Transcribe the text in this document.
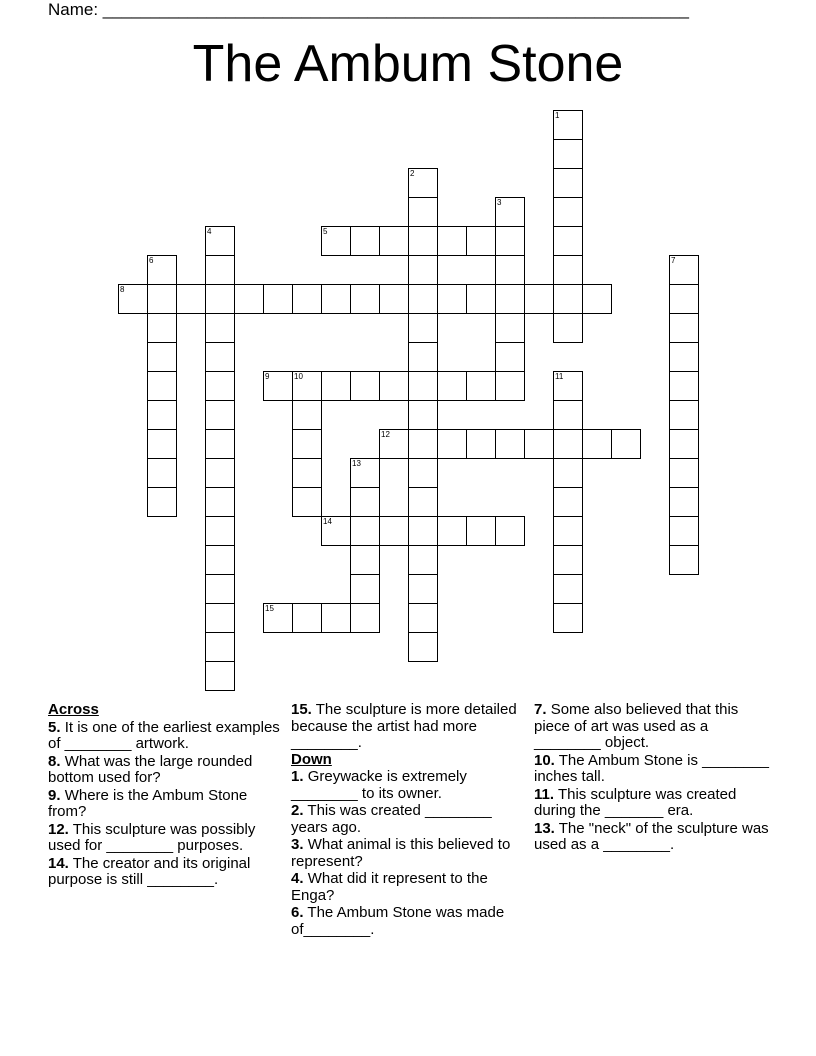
Name: ______________________________________________________________
The Ambum Stone
1
2
3
4	5
6	7
8
9	10	11
12
13
14
15
Across
5. It is one of the earliest examples of ________ artwork.
8. What was the large rounded bottom used for?
9. Where is the Ambum Stone from?
12. This sculpture was possibly used for ________ purposes.
14. The creator and its original purpose is still ________.
15. The sculpture is more detailed because the artist had more ________.
Down
1. Greywacke is extremely ________ to its owner.
2. This was created ________ years ago.
3. What animal is this believed to represent?
4. What did it represent to the Enga?
6. The Ambum Stone was made of________.
7. Some also believed that this piece of art was used as a ________ object.
10. The Ambum Stone is ________ inches tall.
11. This sculpture was created during the _______ era.
13. The "neck" of the sculpture was used as a ________.
